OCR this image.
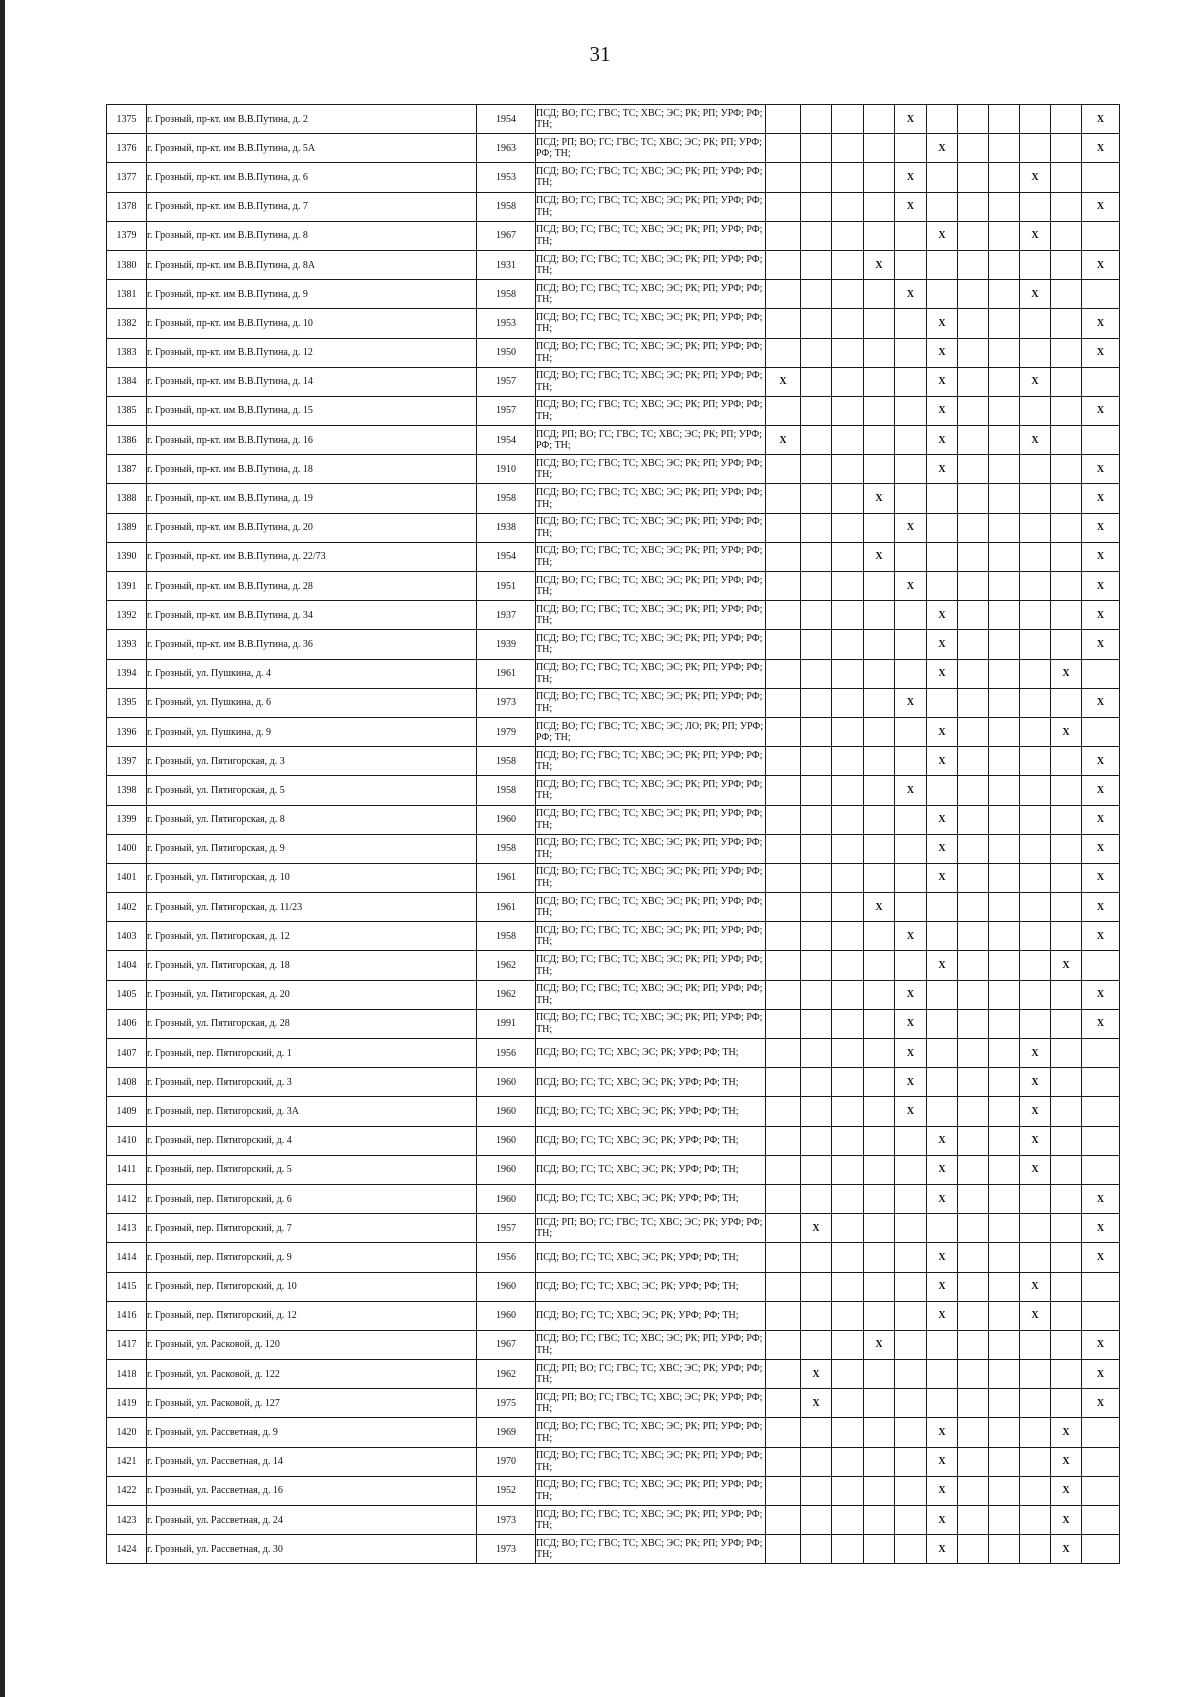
31
1375	г. Грозный, пр-кт. им В.В.Путина, д. 2	1954	ПСД; ВО; ГС; ГВС; ТС; ХВС; ЭС; РК; РП; УРФ; РФ; ТН;					X						X
1376	г. Грозный, пр-кт. им В.В.Путина, д. 5А	1963	ПСД; РП; ВО; ГС; ГВС; ТС; ХВС; ЭС; РК; РП; УРФ; РФ; ТН;						X					X
1377	г. Грозный, пр-кт. им В.В.Путина, д. 6	1953	ПСД; ВО; ГС; ГВС; ТС; ХВС; ЭС; РК; РП; УРФ; РФ; ТН;					X				X		
1378	г. Грозный, пр-кт. им В.В.Путина, д. 7	1958	ПСД; ВО; ГС; ГВС; ТС; ХВС; ЭС; РК; РП; УРФ; РФ; ТН;					X						X
1379	г. Грозный, пр-кт. им В.В.Путина, д. 8	1967	ПСД; ВО; ГС; ГВС; ТС; ХВС; ЭС; РК; РП; УРФ; РФ; ТН;						X			X		
1380	г. Грозный, пр-кт. им В.В.Путина, д. 8А	1931	ПСД; ВО; ГС; ГВС; ТС; ХВС; ЭС; РК; РП; УРФ; РФ; ТН;				X							X
1381	г. Грозный, пр-кт. им В.В.Путина, д. 9	1958	ПСД; ВО; ГС; ГВС; ТС; ХВС; ЭС; РК; РП; УРФ; РФ; ТН;					X				X		
1382	г. Грозный, пр-кт. им В.В.Путина, д. 10	1953	ПСД; ВО; ГС; ГВС; ТС; ХВС; ЭС; РК; РП; УРФ; РФ; ТН;						X					X
1383	г. Грозный, пр-кт. им В.В.Путина, д. 12	1950	ПСД; ВО; ГС; ГВС; ТС; ХВС; ЭС; РК; РП; УРФ; РФ; ТН;						X					X
1384	г. Грозный, пр-кт. им В.В.Путина, д. 14	1957	ПСД; ВО; ГС; ГВС; ТС; ХВС; ЭС; РК; РП; УРФ; РФ; ТН;	X					X			X		
1385	г. Грозный, пр-кт. им В.В.Путина, д. 15	1957	ПСД; ВО; ГС; ГВС; ТС; ХВС; ЭС; РК; РП; УРФ; РФ; ТН;						X					X
1386	г. Грозный, пр-кт. им В.В.Путина, д. 16	1954	ПСД; РП; ВО; ГС; ГВС; ТС; ХВС; ЭС; РК; РП; УРФ; РФ; ТН;	X					X			X		
1387	г. Грозный, пр-кт. им В.В.Путина, д. 18	1910	ПСД; ВО; ГС; ГВС; ТС; ХВС; ЭС; РК; РП; УРФ; РФ; ТН;						X					X
1388	г. Грозный, пр-кт. им В.В.Путина, д. 19	1958	ПСД; ВО; ГС; ГВС; ТС; ХВС; ЭС; РК; РП; УРФ; РФ; ТН;				X							X
1389	г. Грозный, пр-кт. им В.В.Путина, д. 20	1938	ПСД; ВО; ГС; ГВС; ТС; ХВС; ЭС; РК; РП; УРФ; РФ; ТН;					X						X
1390	г. Грозный, пр-кт. им В.В.Путина, д. 22/73	1954	ПСД; ВО; ГС; ГВС; ТС; ХВС; ЭС; РК; РП; УРФ; РФ; ТН;				X							X
1391	г. Грозный, пр-кт. им В.В.Путина, д. 28	1951	ПСД; ВО; ГС; ГВС; ТС; ХВС; ЭС; РК; РП; УРФ; РФ; ТН;					X						X
1392	г. Грозный, пр-кт. им В.В.Путина, д. 34	1937	ПСД; ВО; ГС; ГВС; ТС; ХВС; ЭС; РК; РП; УРФ; РФ; ТН;						X					X
1393	г. Грозный, пр-кт. им В.В.Путина, д. 36	1939	ПСД; ВО; ГС; ГВС; ТС; ХВС; ЭС; РК; РП; УРФ; РФ; ТН;						X					X
1394	г. Грозный, ул. Пушкина, д. 4	1961	ПСД; ВО; ГС; ГВС; ТС; ХВС; ЭС; РК; РП; УРФ; РФ; ТН;						X				X	
1395	г. Грозный, ул. Пушкина, д. 6	1973	ПСД; ВО; ГС; ГВС; ТС; ХВС; ЭС; РК; РП; УРФ; РФ; ТН;					X						X
1396	г. Грозный, ул. Пушкина, д. 9	1979	ПСД; ВО; ГС; ГВС; ТС; ХВС; ЭС; ЛО; РК; РП; УРФ; РФ; ТН;						X				X	
1397	г. Грозный, ул. Пятигорская, д. 3	1958	ПСД; ВО; ГС; ГВС; ТС; ХВС; ЭС; РК; РП; УРФ; РФ; ТН;						X					X
1398	г. Грозный, ул. Пятигорская, д. 5	1958	ПСД; ВО; ГС; ГВС; ТС; ХВС; ЭС; РК; РП; УРФ; РФ; ТН;					X						X
1399	г. Грозный, ул. Пятигорская, д. 8	1960	ПСД; ВО; ГС; ГВС; ТС; ХВС; ЭС; РК; РП; УРФ; РФ; ТН;						X					X
1400	г. Грозный, ул. Пятигорская, д. 9	1958	ПСД; ВО; ГС; ГВС; ТС; ХВС; ЭС; РК; РП; УРФ; РФ; ТН;						X					X
1401	г. Грозный, ул. Пятигорская, д. 10	1961	ПСД; ВО; ГС; ГВС; ТС; ХВС; ЭС; РК; РП; УРФ; РФ; ТН;						X					X
1402	г. Грозный, ул. Пятигорская, д. 11/23	1961	ПСД; ВО; ГС; ГВС; ТС; ХВС; ЭС; РК; РП; УРФ; РФ; ТН;				X							X
1403	г. Грозный, ул. Пятигорская, д. 12	1958	ПСД; ВО; ГС; ГВС; ТС; ХВС; ЭС; РК; РП; УРФ; РФ; ТН;					X						X
1404	г. Грозный, ул. Пятигорская, д. 18	1962	ПСД; ВО; ГС; ГВС; ТС; ХВС; ЭС; РК; РП; УРФ; РФ; ТН;						X				X	
1405	г. Грозный, ул. Пятигорская, д. 20	1962	ПСД; ВО; ГС; ГВС; ТС; ХВС; ЭС; РК; РП; УРФ; РФ; ТН;					X						X
1406	г. Грозный, ул. Пятигорская, д. 28	1991	ПСД; ВО; ГС; ГВС; ТС; ХВС; ЭС; РК; РП; УРФ; РФ; ТН;					X						X
1407	г. Грозный, пер. Пятигорский, д. 1	1956	ПСД; ВО; ГС; ТС; ХВС; ЭС; РК; УРФ; РФ; ТН;					X				X		
1408	г. Грозный, пер. Пятигорский, д. 3	1960	ПСД; ВО; ГС; ТС; ХВС; ЭС; РК; УРФ; РФ; ТН;					X				X		
1409	г. Грозный, пер. Пятигорский, д. 3А	1960	ПСД; ВО; ГС; ТС; ХВС; ЭС; РК; УРФ; РФ; ТН;					X				X		
1410	г. Грозный, пер. Пятигорский, д. 4	1960	ПСД; ВО; ГС; ТС; ХВС; ЭС; РК; УРФ; РФ; ТН;						X			X		
1411	г. Грозный, пер. Пятигорский, д. 5	1960	ПСД; ВО; ГС; ТС; ХВС; ЭС; РК; УРФ; РФ; ТН;						X			X		
1412	г. Грозный, пер. Пятигорский, д. 6	1960	ПСД; ВО; ГС; ТС; ХВС; ЭС; РК; УРФ; РФ; ТН;						X					X
1413	г. Грозный, пер. Пятигорский, д. 7	1957	ПСД; РП; ВО; ГС; ГВС; ТС; ХВС; ЭС; РК; УРФ; РФ; ТН;		X									X
1414	г. Грозный, пер. Пятигорский, д. 9	1956	ПСД; ВО; ГС; ТС; ХВС; ЭС; РК; УРФ; РФ; ТН;						X					X
1415	г. Грозный, пер. Пятигорский, д. 10	1960	ПСД; ВО; ГС; ТС; ХВС; ЭС; РК; УРФ; РФ; ТН;						X			X		
1416	г. Грозный, пер. Пятигорский, д. 12	1960	ПСД; ВО; ГС; ТС; ХВС; ЭС; РК; УРФ; РФ; ТН;						X			X		
1417	г. Грозный, ул. Расковой, д. 120	1967	ПСД; ВО; ГС; ГВС; ТС; ХВС; ЭС; РК; РП; УРФ; РФ; ТН;				X							X
1418	г. Грозный, ул. Расковой, д. 122	1962	ПСД; РП; ВО; ГС; ГВС; ТС; ХВС; ЭС; РК; УРФ; РФ; ТН;		X									X
1419	г. Грозный, ул. Расковой, д. 127	1975	ПСД; РП; ВО; ГС; ГВС; ТС; ХВС; ЭС; РК; УРФ; РФ; ТН;		X									X
1420	г. Грозный, ул. Рассветная, д. 9	1969	ПСД; ВО; ГС; ГВС; ТС; ХВС; ЭС; РК; РП; УРФ; РФ; ТН;						X				X	
1421	г. Грозный, ул. Рассветная, д. 14	1970	ПСД; ВО; ГС; ГВС; ТС; ХВС; ЭС; РК; РП; УРФ; РФ; ТН;						X				X	
1422	г. Грозный, ул. Рассветная, д. 16	1952	ПСД; ВО; ГС; ГВС; ТС; ХВС; ЭС; РК; РП; УРФ; РФ; ТН;						X				X	
1423	г. Грозный, ул. Рассветная, д. 24	1973	ПСД; ВО; ГС; ГВС; ТС; ХВС; ЭС; РК; РП; УРФ; РФ; ТН;						X				X	
1424	г. Грозный, ул. Рассветная, д. 30	1973	ПСД; ВО; ГС; ГВС; ТС; ХВС; ЭС; РК; РП; УРФ; РФ; ТН;						X				X	
